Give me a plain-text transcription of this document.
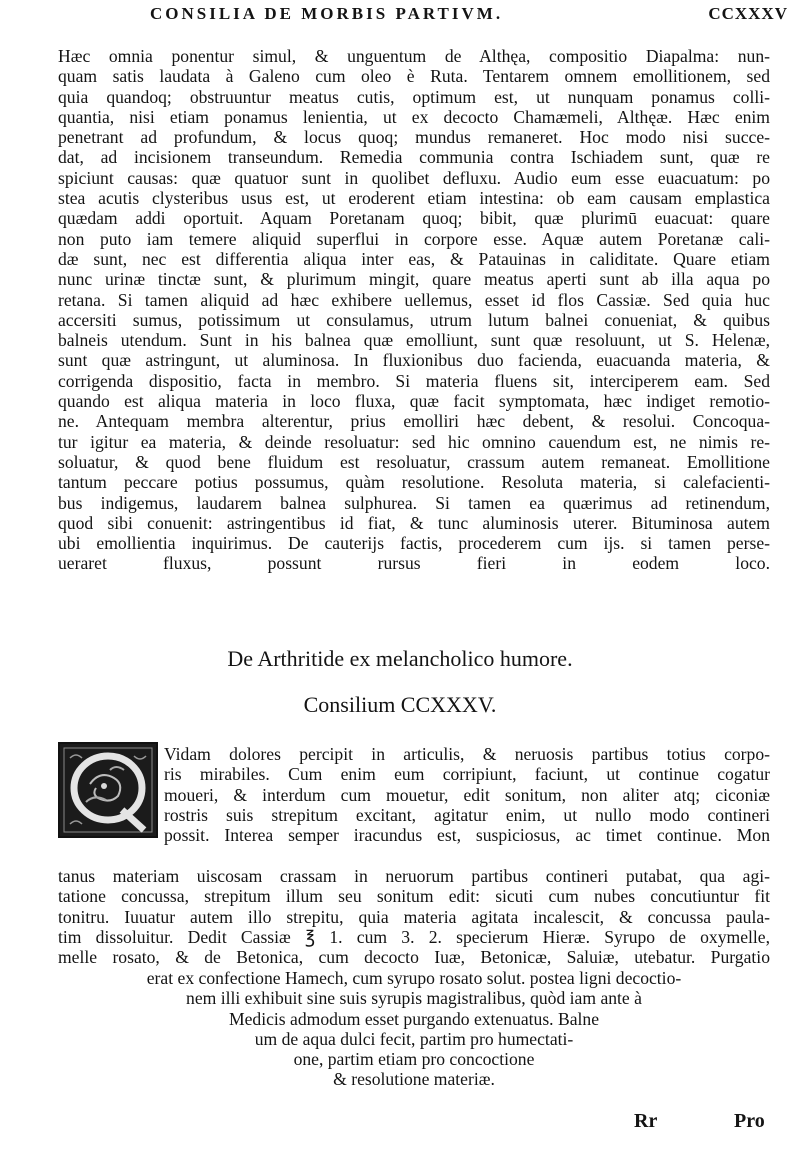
CONSILIA DE MORBIS PARTIVM.	CCXXXV
Hæc omnia ponentur simul, & unguentum de Althęa, compositio Diapalma: nun-
quam satis laudata à Galeno cum oleo è Ruta. Tentarem omnem emollitionem, sed
quia quandoq; obstruuntur meatus cutis, optimum est, ut nunquam ponamus colli-
quantia, nisi etiam ponamus lenientia, ut ex decocto Chamæmeli, Althęæ. Hæc enim
penetrant ad profundum, & locus quoq; mundus remaneret. Hoc modo nisi succe-
dat, ad incisionem transeundum. Remedia communia contra Ischiadem sunt, quæ re
spiciunt causas: quæ quatuor sunt in quolibet defluxu. Audio eum esse euacuatum: po
stea acutis clysteribus usus est, ut eroderent etiam intestina: ob eam causam emplastica
quædam addi oportuit. Aquam Poretanam quoq; bibit, quæ plurimū euacuat: quare
non puto iam temere aliquid superflui in corpore esse. Aquæ autem Poretanæ cali-
dæ sunt, nec est differentia aliqua inter eas, & Patauinas in caliditate. Quare etiam
nunc urinæ tinctæ sunt, & plurimum mingit, quare meatus aperti sunt ab illa aqua po
retana. Si tamen aliquid ad hæc exhibere uellemus, esset id flos Cassiæ. Sed quia huc
accersiti sumus, potissimum ut consulamus, utrum lutum balnei conueniat, & quibus
balneis utendum. Sunt in his balnea quæ emolliunt, sunt quæ resoluunt, ut S. Helenæ,
sunt quæ astringunt, ut aluminosa. In fluxionibus duo facienda, euacuanda materia, &
corrigenda dispositio, facta in membro. Si materia fluens sit, interciperem eam. Sed
quando est aliqua materia in loco fluxa, quæ facit symptomata, hæc indiget remotio-
ne. Antequam membra alterentur, prius emolliri hæc debent, & resolui. Concoqua-
tur igitur ea materia, & deinde resoluatur: sed hic omnino cauendum est, ne nimis re-
soluatur, & quod bene fluidum est resoluatur, crassum autem remaneat. Emollitione
tantum peccare potius possumus, quàm resolutione. Resoluta materia, si calefacienti-
bus indigemus, laudarem balnea sulphurea. Si tamen ea quærimus ad retinendum,
quod sibi conuenit: astringentibus id fiat, & tunc aluminosis uterer. Bituminosa autem
ubi emollientia inquirimus. De cauterijs factis, procederem cum ijs. si tamen perse-
ueraret fluxus, possunt rursus fieri in eodem loco.
De Arthritide ex melancholico humore.
Consilium CCXXXV.
Vidam dolores percipit in articulis, & neruosis partibus totius corpo-
ris mirabiles. Cum enim eum corripiunt, faciunt, ut continue cogatur
moueri, & interdum cum mouetur, edit sonitum, non aliter atq; ciconiæ
rostris suis strepitum excitant, agitatur enim, ut nullo modo contineri
possit. Interea semper iracundus est, suspiciosus, ac timet continue. Mon
tanus materiam uiscosam crassam in neruorum partibus contineri putabat, qua agi-
tatione concussa, strepitum illum seu sonitum edit: sicuti cum nubes concutiuntur fit
tonitru. Iuuatur autem illo strepitu, quia materia agitata incalescit, & concussa paula-
tim dissoluitur. Dedit Cassiæ ℥ 1. cum 3. 2. specierum Hieræ. Syrupo de oxymelle,
melle rosato, & de Betonica, cum decocto Iuæ, Betonicæ, Saluiæ, utebatur. Purgatio
erat ex confectione Hamech, cum syrupo rosato solut. postea ligni decoctio-
nem illi exhibuit sine suis syrupis magistralibus, quòd iam ante à
Medicis admodum esset purgando extenuatus. Balne
um de aqua dulci fecit, partim pro humectati-
one, partim etiam pro concoctione
& resolutione materiæ.
Rr	Pro
